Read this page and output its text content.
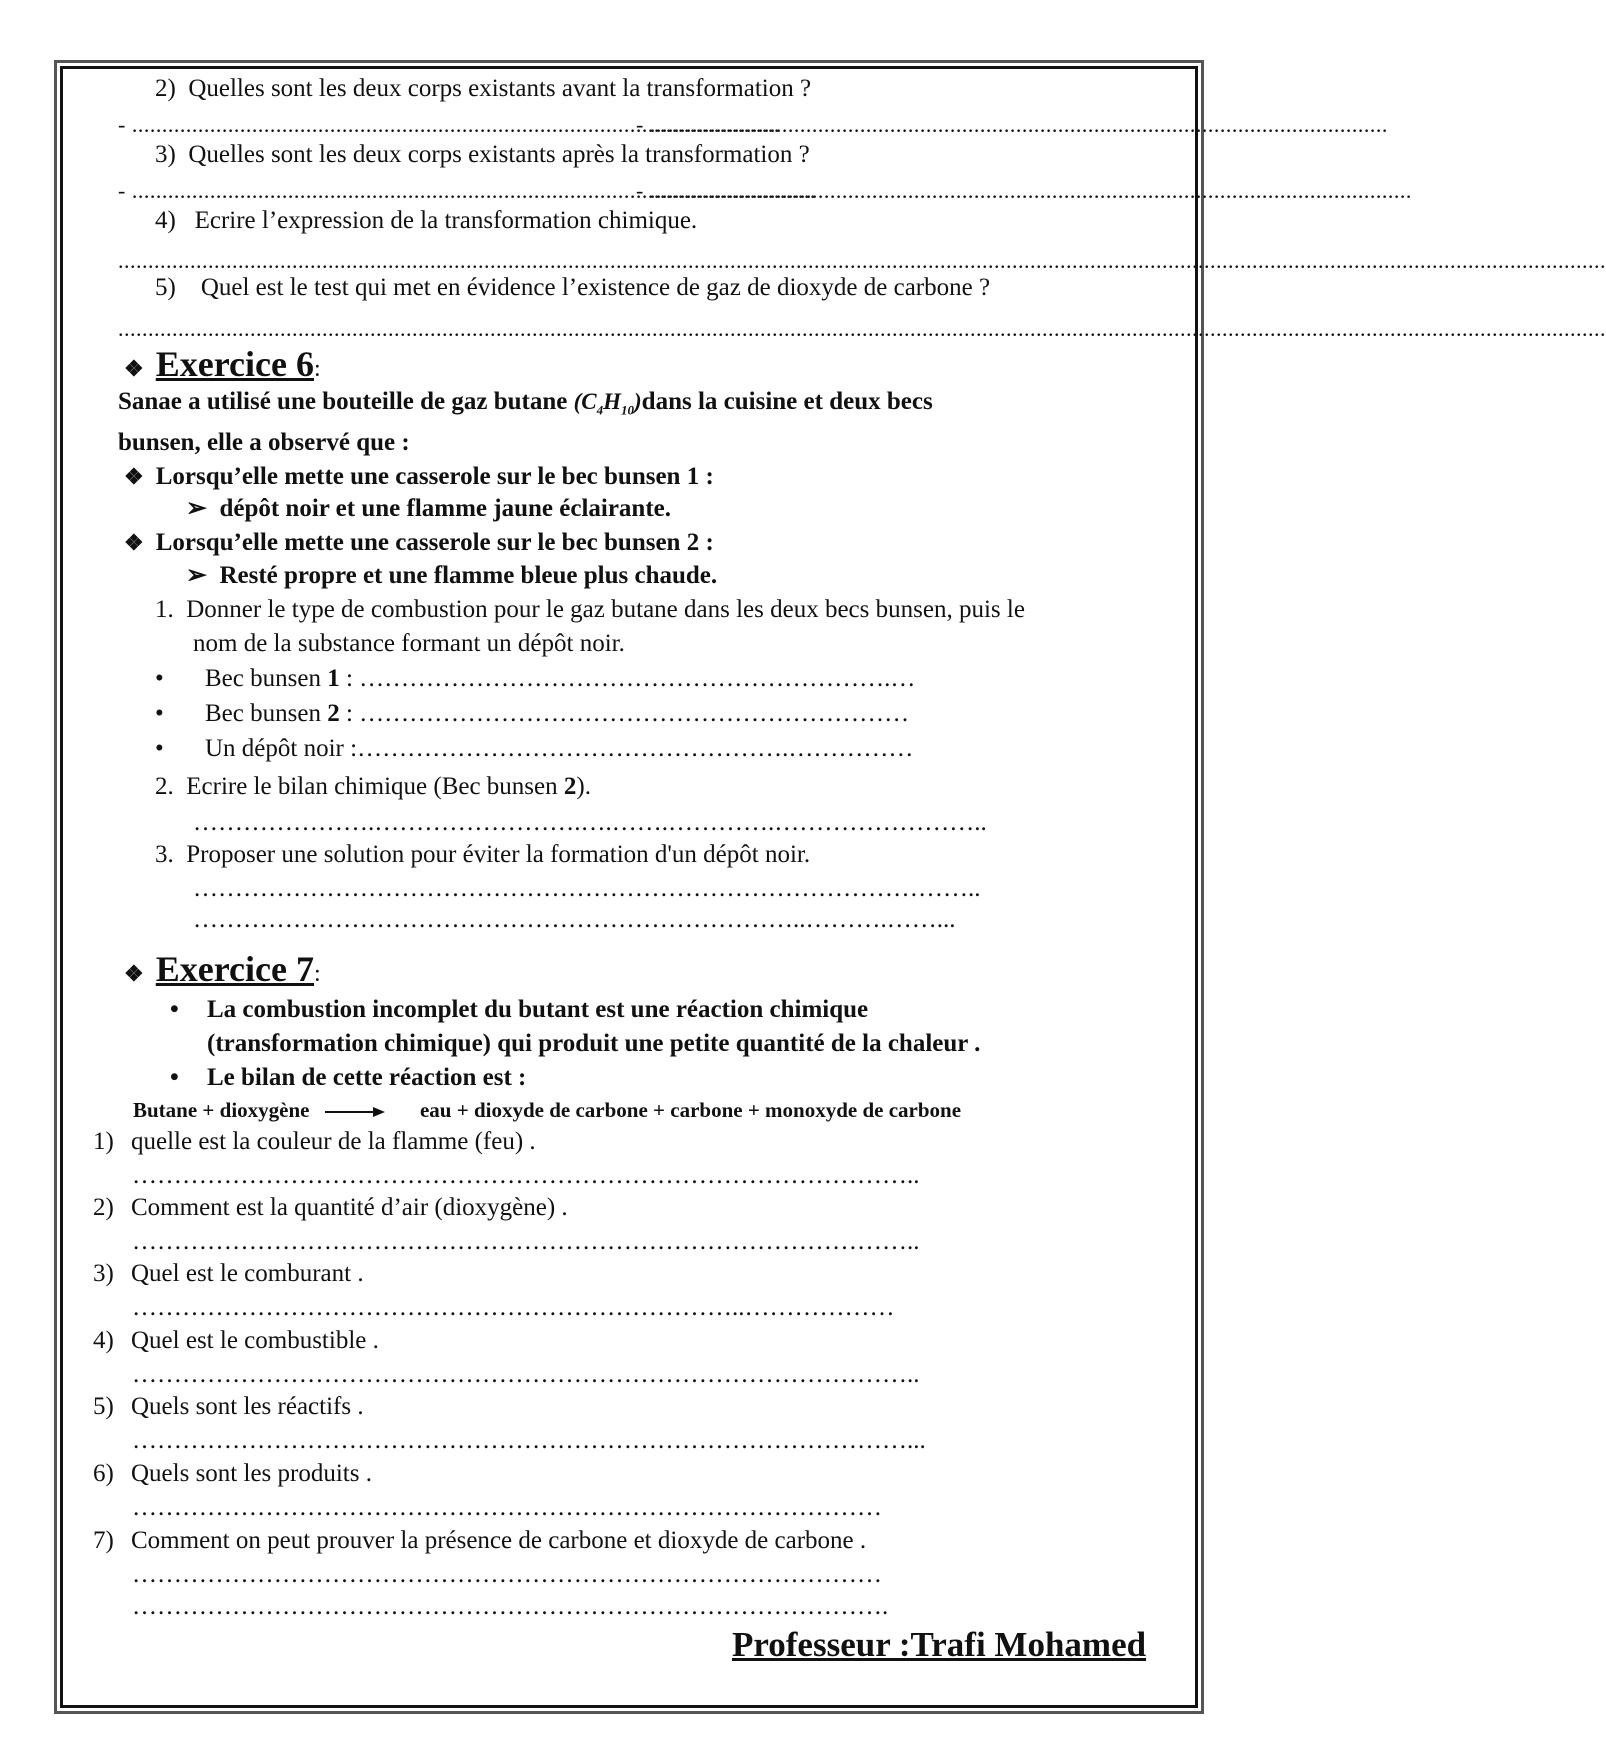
2) Quelles sont les deux corps existants avant la transformation ?
- ............................................................................................................
- ...........................................................................................................................
3) Quelles sont les deux corps existants après la transformation ?
- ..................................................................................................................
- ...............................................................................................................................
4) Ecrire l’expression de la transformation chimique.
........................................................................................................................................................................................................................................................
5) Quel est le test qui met en évidence l’existence de gaz de dioxyde de carbone ?
........................................................................................................................................................................................................................................................
❖ Exercice 6:
Sanae a utilisé une bouteille de gaz butane $(C_4H_{10})dans$ la cuisine et deux becs
bunsen, elle a observé que :
❖ Lorsqu’elle mette une casserole sur le bec bunsen 1 :
➢  dépôt noir et une flamme jaune éclairante.
❖ Lorsqu’elle mette une casserole sur le bec bunsen 2 :
➢  Resté propre et une flamme bleue plus chaude.
1. Donner le type de combustion pour le gaz butane dans les deux becs bunsen, puis le
nom de la substance formant un dépôt noir.
• Bec bunsen 1 : ……………………………………………………….…
• Bec bunsen 2 : …………………………………………………………
• Un dépôt noir :…………………………………………….……………
2. Ecrire le bilan chimique (Bec bunsen 2).
………………….…………………….….…….………….……………………..
3. Proposer une solution pour éviter la formation d'un dépôt noir.
…………………………………………………………………………………..
………………………………………………………………..……….……...
❖ Exercice 7:
• La combustion incomplet du butant est une réaction chimique
(transformation chimique) qui produit une petite quantité de la chaleur .
• Le bilan de cette réaction est :
Butane + dioxygène → eau + dioxyde de carbone + carbone + monoxyde de carbone
1) quelle est la couleur de la flamme (feu) .
…………………………………………………………………………………..
2) Comment est la quantité d’air (dioxygène) .
…………………………………………………………………………………..
3) Quel est le comburant .
………………………………………………………………..………………
4) Quel est le combustible .
…………………………………………………………………………………..
5) Quels sont les réactifs .
…………………………………………………………………………………...
6) Quels sont les produits .
………………………………………………………………………………
7) Comment on peut prouver la présence de carbone et dioxyde de carbone .
………………………………………………………………………………
……………………………………………………………………………….
Professeur :Trafi Mohamed
